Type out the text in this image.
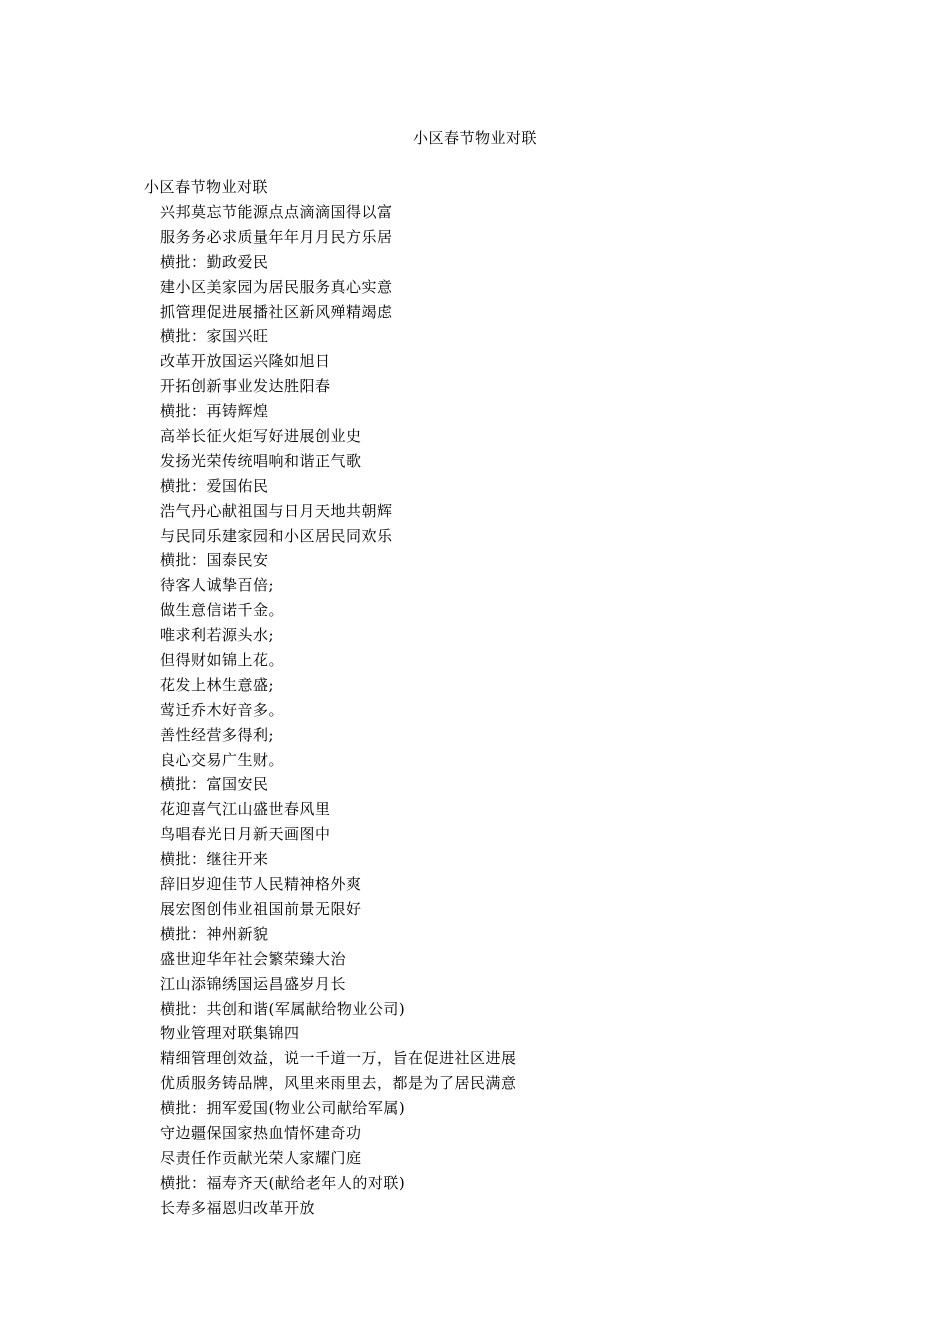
小区春节物业对联
小区春节物业对联
兴邦莫忘节能源点点滴滴国得以富
服务务必求质量年年月月民方乐居
横批：勤政爱民
建小区美家园为居民服务真心实意
抓管理促进展播社区新风殚精竭虑
横批：家国兴旺
改革开放国运兴隆如旭日
开拓创新事业发达胜阳春
横批：再铸辉煌
高举长征火炬写好进展创业史
发扬光荣传统唱响和谐正气歌
横批：爱国佑民
浩气丹心献祖国与日月天地共朝辉
与民同乐建家园和小区居民同欢乐
横批：国泰民安
待客人诚挚百倍;
做生意信诺千金。
唯求利若源头水;
但得财如锦上花。
花发上林生意盛;
莺迁乔木好音多。
善性经营多得利;
良心交易广生财。
横批：富国安民
花迎喜气江山盛世春风里
鸟唱春光日月新天画图中
横批：继往开来
辞旧岁迎佳节人民精神格外爽
展宏图创伟业祖国前景无限好
横批：神州新貌
盛世迎华年社会繁荣臻大治
江山添锦绣国运昌盛岁月长
横批：共创和谐(军属献给物业公司)
物业管理对联集锦四
精细管理创效益，说一千道一万，旨在促进社区进展
优质服务铸品牌，风里来雨里去，都是为了居民满意
横批：拥军爱国(物业公司献给军属)
守边疆保国家热血情怀建奇功
尽责任作贡献光荣人家耀门庭
横批：福寿齐天(献给老年人的对联)
长寿多福恩归改革开放
